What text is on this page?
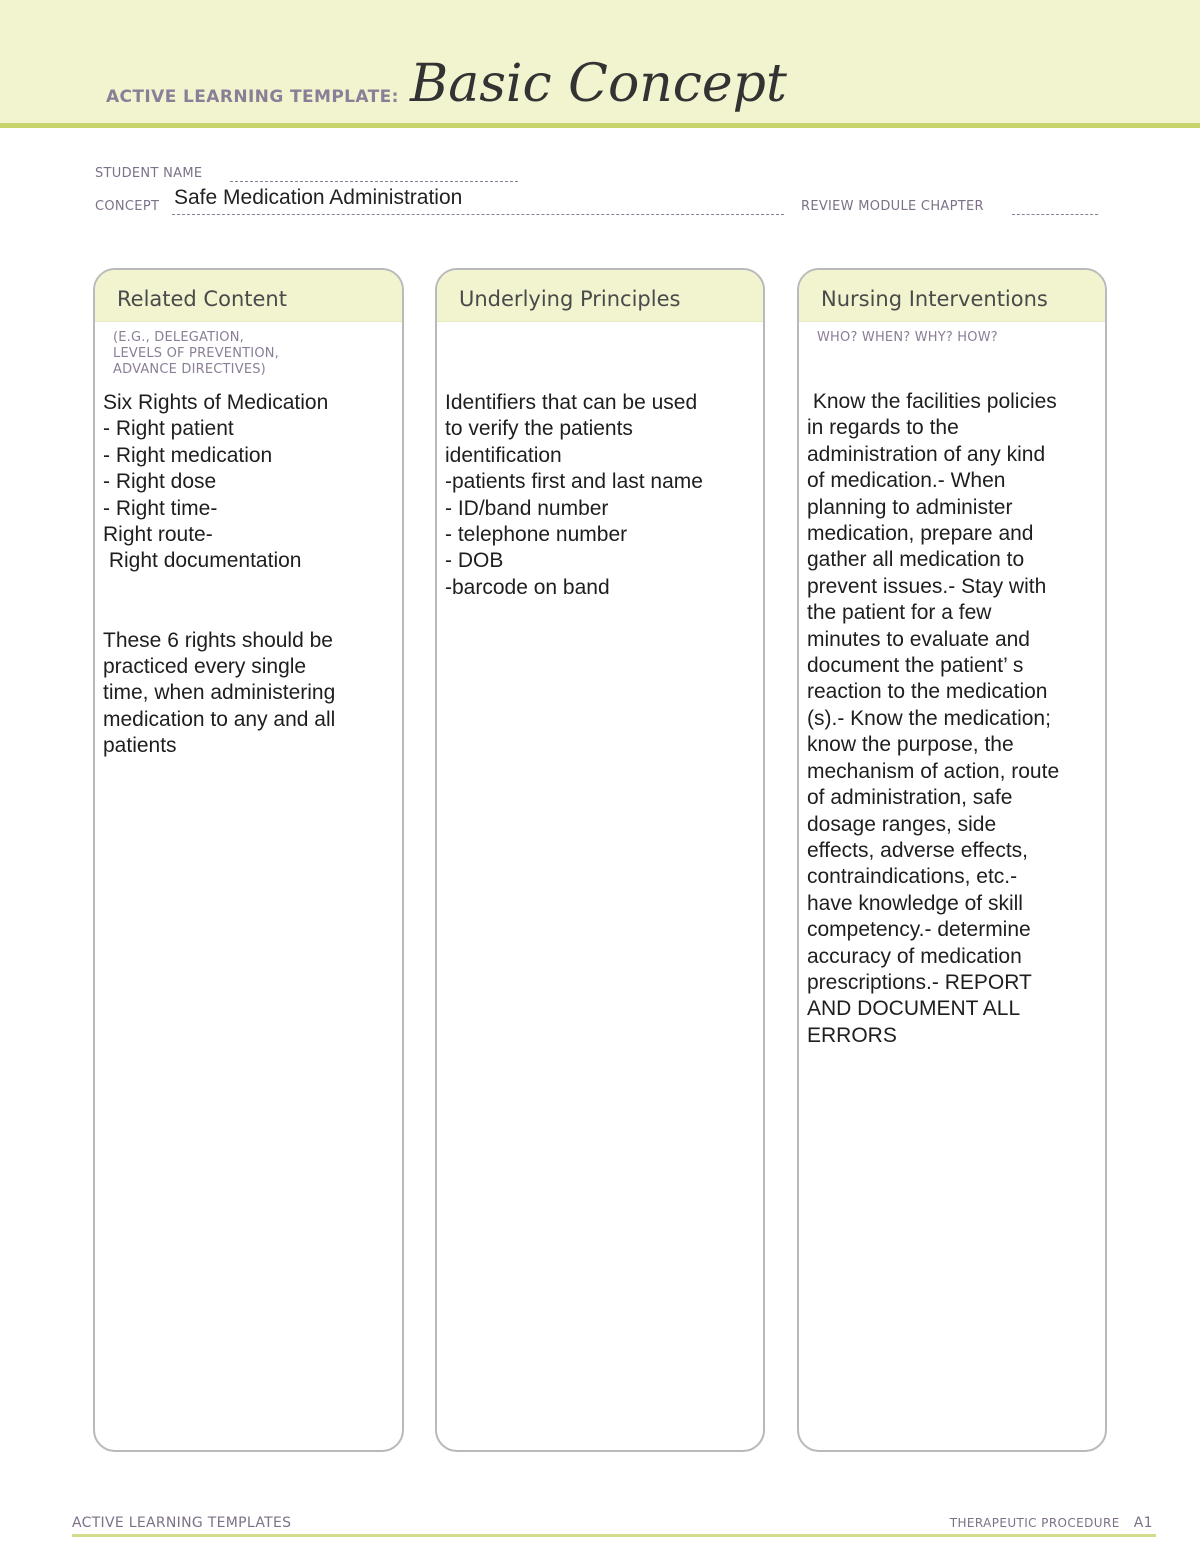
ACTIVE LEARNING TEMPLATE: Basic Concept
STUDENT NAME
CONCEPT Safe Medication Administration	REVIEW MODULE CHAPTER
Related Content
(E.G., DELEGATION,
LEVELS OF PREVENTION,
ADVANCE DIRECTIVES)
Six Rights of Medication
- Right patient
- Right medication
- Right dose
- Right time-
Right route-
Right documentation

These 6 rights should be
practiced every single
time, when administering
medication to any and all
patients
Underlying Principles
Identifiers that can be used
to verify the patients
identification
-patients first and last name
- ID/band number
- telephone number
- DOB
-barcode on band
Nursing Interventions
WHO? WHEN? WHY? HOW?
Know the facilities policies
in regards to the
administration of any kind
of medication.- When
planning to administer
medication, prepare and
gather all medication to
prevent issues.- Stay with
the patient for a few
minutes to evaluate and
document the patient’ s
reaction to the medication
(s).- Know the medication;
know the purpose, the
mechanism of action, route
of administration, safe
dosage ranges, side
effects, adverse effects,
contraindications, etc.-
have knowledge of skill
competency.- determine
accuracy of medication
prescriptions.- REPORT
AND DOCUMENT ALL
ERRORS
ACTIVE LEARNING TEMPLATES	THERAPEUTIC PROCEDURE A1
